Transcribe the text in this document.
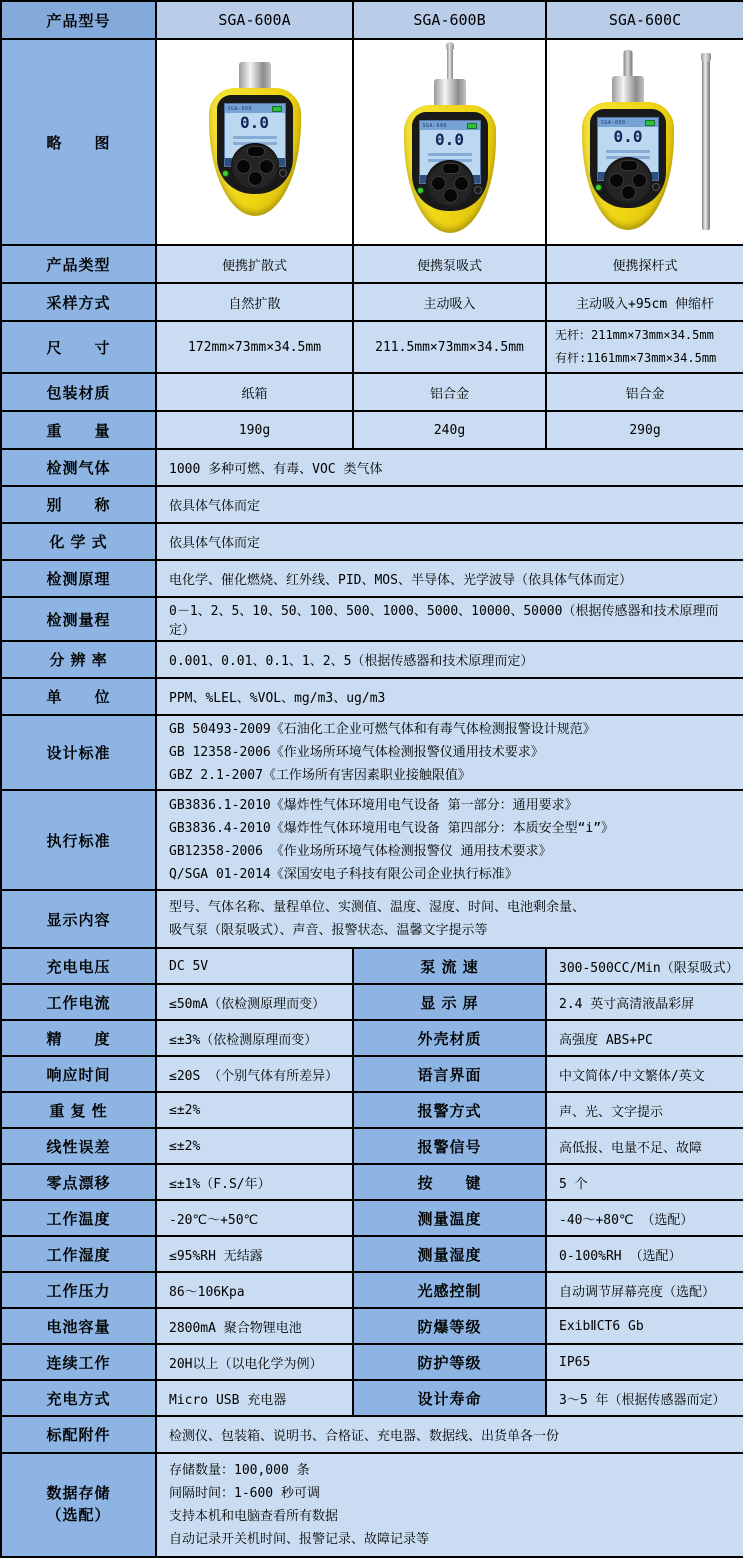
产品型号	SGA-600A	SGA-600B	SGA-600C
略　　图	
SGA-600
0.0	SGA-600
0.0

SGA-600
0.0

产品类型	便携扩散式	便携泵吸式	便携探杆式
采样方式	自然扩散	主动吸入	主动吸入+95cm 伸缩杆
尺　　寸	172mm×73mm×34.5mm	211.5mm×73mm×34.5mm	无杆：211mm×73mm×34.5mm
有杆:1161mm×73mm×34.5mm

包装材质	纸箱	铝合金	铝合金
重　　量	190g	240g	290g
检测气体	1000 多种可燃、有毒、VOC 类气体		
别　　称	依具体气体而定		
化 学 式	依具体气体而定		
检测原理	电化学、催化燃烧、红外线、PID、MOS、半导体、光学波导（依具体气体而定）		
检测量程	0－1、2、5、10、50、100、500、1000、5000、10000、50000（根据传感器和技术原理而定）		
分 辨 率	0.001、0.01、0.1、1、2、5（根据传感器和技术原理而定）		
单　　位	PPM、%LEL、%VOL、mg/m3、ug/m3		
设计标准	GB 50493-2009《石油化工企业可燃气体和有毒气体检测报警设计规范》
GB 12358-2006《作业场所环境气体检测报警仪通用技术要求》
GBZ 2.1-2007《工作场所有害因素职业接触限值》		

执行标准	GB3836.1-2010《爆炸性气体环境用电气设备 第一部分：通用要求》
GB3836.4-2010《爆炸性气体环境用电气设备 第四部分：本质安全型“i”》
GB12358-2006 《作业场所环境气体检测报警仪 通用技术要求》
Q/SGA 01-2014《深国安电子科技有限公司企业执行标准》		

显示内容	型号、气体名称、量程单位、实测值、温度、湿度、时间、电池剩余量、
吸气泵（限泵吸式）、声音、报警状态、温馨文字提示等		

充电电压	DC 5V	泵 流 速	300-500CC/Min（限泵吸式）
工作电流	≤50mA（依检测原理而变）	显 示 屏	2.4 英寸高清液晶彩屏
精　　度	≤±3%（依检测原理而变）	外壳材质	高强度 ABS+PC
响应时间	≤20S （个别气体有所差异）	语言界面	中文简体/中文繁体/英文
重 复 性	≤±2%	报警方式	声、光、文字提示
线性误差	≤±2%	报警信号	高低报、电量不足、故障
零点漂移	≤±1%（F.S/年）	按　　键	5 个
工作温度	-20℃～+50℃	测量温度	-40～+80℃ （选配）
工作湿度	≤95%RH 无结露	测量湿度	0-100%RH （选配）
工作压力	86～106Kpa	光感控制	自动调节屏幕亮度（选配）
电池容量	2800mA 聚合物锂电池	防爆等级	ExibⅡCT6 Gb
连续工作	20H以上（以电化学为例）	防护等级	IP65
充电方式	Micro USB 充电器	设计寿命	3～5 年（根据传感器而定）
标配附件	检测仪、包装箱、说明书、合格证、充电器、数据线、出货单各一份		

数据存储
（选配）

存储数量：100,000 条
间隔时间：1-600 秒可调
支持本机和电脑查看所有数据
自动记录开关机时间、报警记录、故障记录等
